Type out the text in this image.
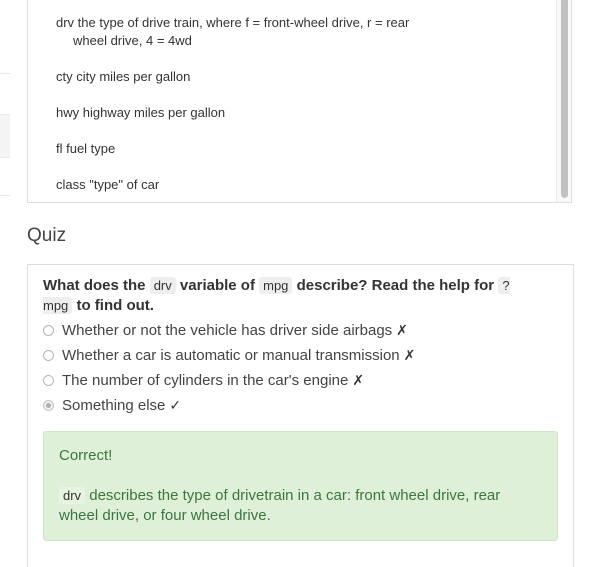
drv the type of drive train, where f = front-wheel drive, r = rear
wheel drive, 4 = 4wd
cty city miles per gallon
hwy highway miles per gallon
fl fuel type
class "type" of car
Quiz
What does the drv variable of mpg describe? Read the help for ?mpg to find out.
Whether or not the vehicle has driver side airbags ✗
Whether a car is automatic or manual transmission ✗
The number of cylinders in the car's engine ✗
Something else ✓
Correct!
drv describes the type of drivetrain in a car: front wheel drive, rear wheel drive, or four wheel drive.
